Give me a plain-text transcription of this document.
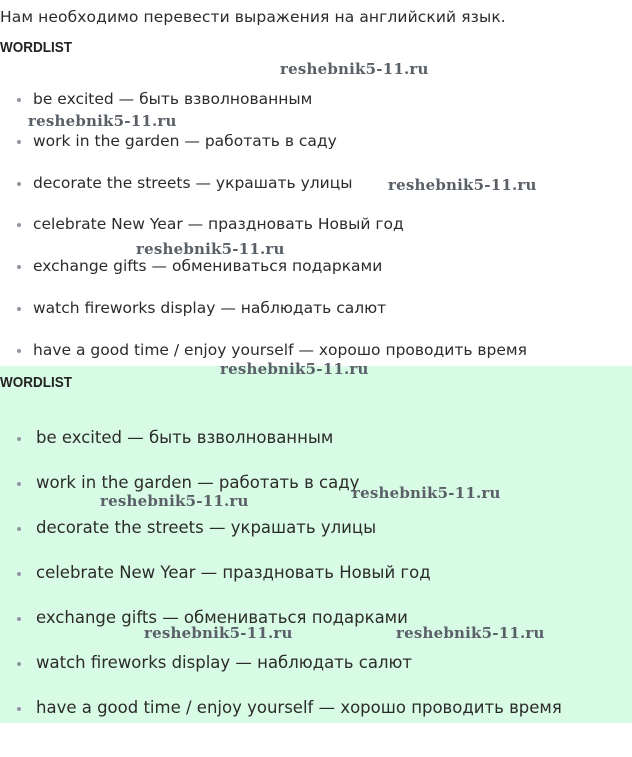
Нам необходимо перевести выражения на английский язык.
WORDLIST
be excited — быть взволнованным
work in the garden — работать в саду
decorate the streets — украшать улицы
celebrate New Year — праздновать Новый год
exchange gifts — обмениваться подарками
watch fireworks display — наблюдать салют
have a good time / enjoy yourself — хорошо проводить время
WORDLIST
be excited — быть взволнованным
work in the garden — работать в саду
decorate the streets — украшать улицы
celebrate New Year — праздновать Новый год
exchange gifts — обмениваться подарками
watch fireworks display — наблюдать салют
have a good time / enjoy yourself — хорошо проводить время
reshebnik5-11.ru
reshebnik5-11.ru
reshebnik5-11.ru
reshebnik5-11.ru
reshebnik5-11.ru
reshebnik5-11.ru	reshebnik5-11.ru
reshebnik5-11.ru	reshebnik5-11.ru
